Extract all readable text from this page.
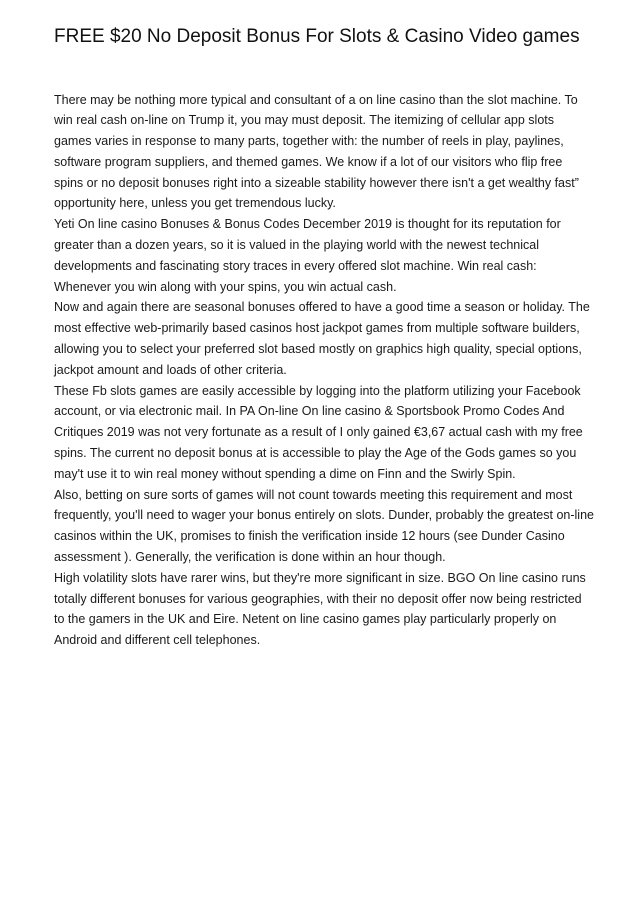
FREE $20 No Deposit Bonus For Slots & Casino Video games

There may be nothing more typical and consultant of a on line casino than the slot machine. To win real cash on-line on Trump it, you may must deposit. The itemizing of cellular app slots games varies in response to many parts, together with: the number of reels in play, paylines, software program suppliers, and themed games. We know if a lot of our visitors who flip free spins or no deposit bonuses right into a sizeable stability however there isn't a get wealthy fast” opportunity here, unless you get tremendous lucky.

Yeti On line casino Bonuses & Bonus Codes December 2019 is thought for its reputation for greater than a dozen years, so it is valued in the playing world with the newest technical developments and fascinating story traces in every offered slot machine. Win real cash: Whenever you win along with your spins, you win actual cash.

Now and again there are seasonal bonuses offered to have a good time a season or holiday. The most effective web-primarily based casinos host jackpot games from multiple software builders, allowing you to select your preferred slot based mostly on graphics high quality, special options, jackpot amount and loads of other criteria.

These Fb slots games are easily accessible by logging into the platform utilizing your Facebook account, or via electronic mail. In PA On-line On line casino & Sportsbook Promo Codes And Critiques 2019 was not very fortunate as a result of I only gained €3,67 actual cash with my free spins. The current no deposit bonus at is accessible to play the Age of the Gods games so you may't use it to win real money without spending a dime on Finn and the Swirly Spin.

Also, betting on sure sorts of games will not count towards meeting this requirement and most frequently, you'll need to wager your bonus entirely on slots. Dunder, probably the greatest on-line casinos within the UK, promises to finish the verification inside 12 hours (see Dunder Casino assessment ). Generally, the verification is done within an hour though.

High volatility slots have rarer wins, but they're more significant in size. BGO On line casino runs totally different bonuses for various geographies, with their no deposit offer now being restricted to the gamers in the UK and Eire. Netent on line casino games play particularly properly on Android and different cell telephones.
